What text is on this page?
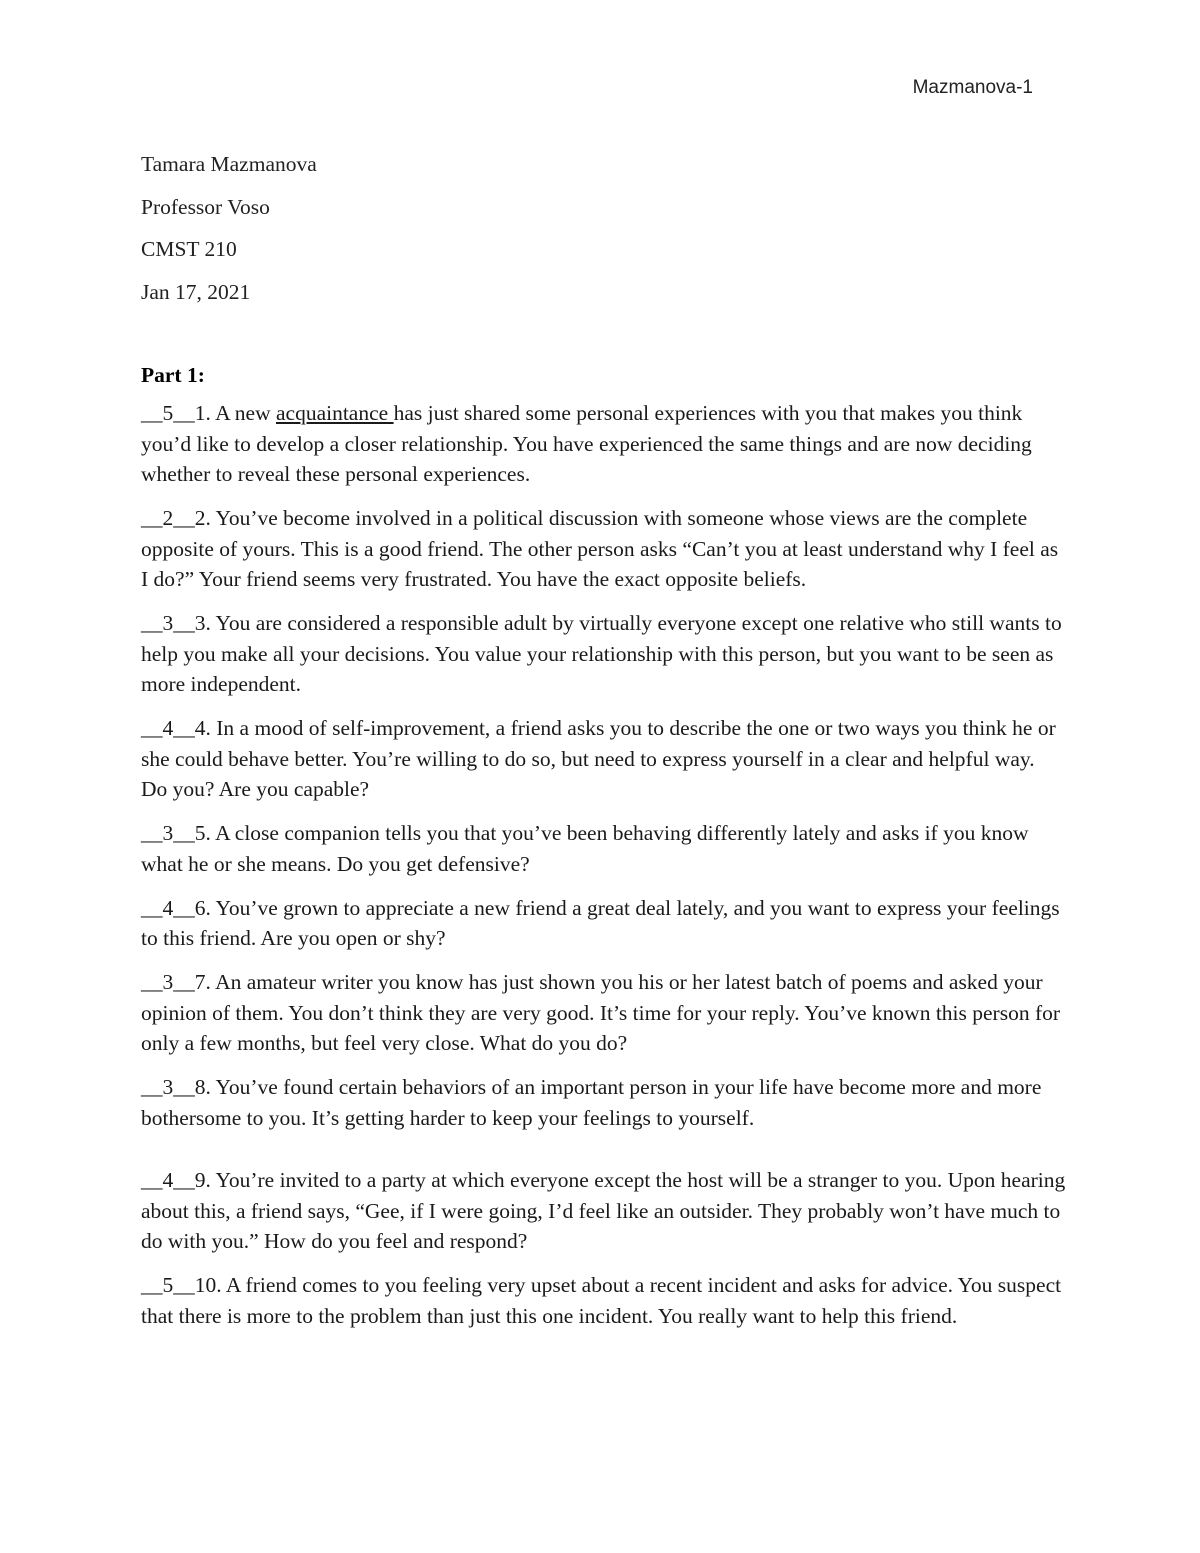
Mazmanova-1

Tamara Mazmanova

Professor Voso

CMST 210

Jan 17, 2021

Part 1:

__5__1. A new acquaintance has just shared some personal experiences with you that makes you think you’d like to develop a closer relationship. You have experienced the same things and are now deciding whether to reveal these personal experiences.

__2__2. You’ve become involved in a political discussion with someone whose views are the complete opposite of yours. This is a good friend. The other person asks “Can’t you at least understand why I feel as I do?” Your friend seems very frustrated. You have the exact opposite beliefs.

__3__3. You are considered a responsible adult by virtually everyone except one relative who still wants to help you make all your decisions. You value your relationship with this person, but you want to be seen as more independent.

__4__4. In a mood of self-improvement, a friend asks you to describe the one or two ways you think he or she could behave better. You’re willing to do so, but need to express yourself in a clear and helpful way. Do you? Are you capable?

__3__5. A close companion tells you that you’ve been behaving differently lately and asks if you know what he or she means. Do you get defensive?

__4__6. You’ve grown to appreciate a new friend a great deal lately, and you want to express your feelings to this friend. Are you open or shy?

__3__7. An amateur writer you know has just shown you his or her latest batch of poems and asked your opinion of them. You don’t think they are very good. It’s time for your reply. You’ve known this person for only a few months, but feel very close. What do you do?

__3__8. You’ve found certain behaviors of an important person in your life have become more and more bothersome to you. It’s getting harder to keep your feelings to yourself.

__4__9. You’re invited to a party at which everyone except the host will be a stranger to you. Upon hearing about this, a friend says, “Gee, if I were going, I’d feel like an outsider. They probably won’t have much to do with you.” How do you feel and respond?

__5__10. A friend comes to you feeling very upset about a recent incident and asks for advice. You suspect that there is more to the problem than just this one incident. You really want to help this friend.
